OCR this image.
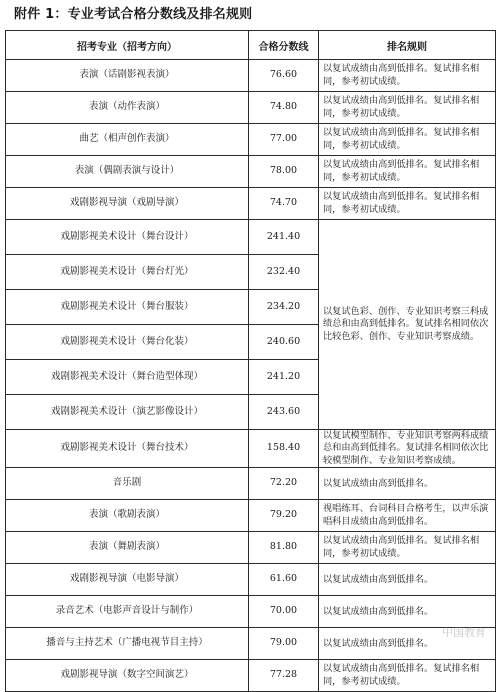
附件 1：专业考试合格分数线及排名规则
招考专业（招考方向）	合格分数线	排名规则
表演（话剧影视表演）	76.60	以复试成绩由高到低排名。复试排名相同，参考初试成绩。
表演（动作表演）	74.80	以复试成绩由高到低排名。复试排名相同，参考初试成绩。
曲艺（相声创作表演）	77.00	以复试成绩由高到低排名。复试排名相同，参考初试成绩。
表演（偶剧表演与设计）	78.00	以复试成绩由高到低排名。复试排名相同，参考初试成绩。
戏剧影视导演（戏剧导演）	74.70	以复试成绩由高到低排名。复试排名相同，参考初试成绩。
戏剧影视美术设计（舞台设计）	241.40	以复试色彩、创作、专业知识考察三科成绩总和由高到低排名。复试排名相同依次比较色彩、创作、专业知识考察成绩。
戏剧影视美术设计（舞台灯光）	232.40	
戏剧影视美术设计（舞台服装）	234.20	
戏剧影视美术设计（舞台化装）	240.60	
戏剧影视美术设计（舞台造型体现）	241.20	
戏剧影视美术设计（演艺影像设计）	243.60	
戏剧影视美术设计（舞台技术）	158.40	以复试模型制作、专业知识考察两科成绩总和由高到低排名。复试排名相同依次比较模型制作、专业知识考察成绩。
音乐剧	72.20	以复试成绩由高到低排名。
表演（歌剧表演）	79.20	视唱练耳、台词科目合格考生，以声乐演唱科目成绩由高到低排名。
表演（舞剧表演）	81.80	以复试成绩由高到低排名。复试排名相同，参考初试成绩。
戏剧影视导演（电影导演）	61.60	以复试成绩由高到低排名。
录音艺术（电影声音设计与制作）	70.00	以复试成绩由高到低排名。
播音与主持艺术（广播电视节目主持）	79.00	以复试成绩由高到低排名。
戏剧影视导演（数字空间演艺）	77.28	以复试成绩由高到低排名。复试排名相同，参考初试成绩。
中国教育
